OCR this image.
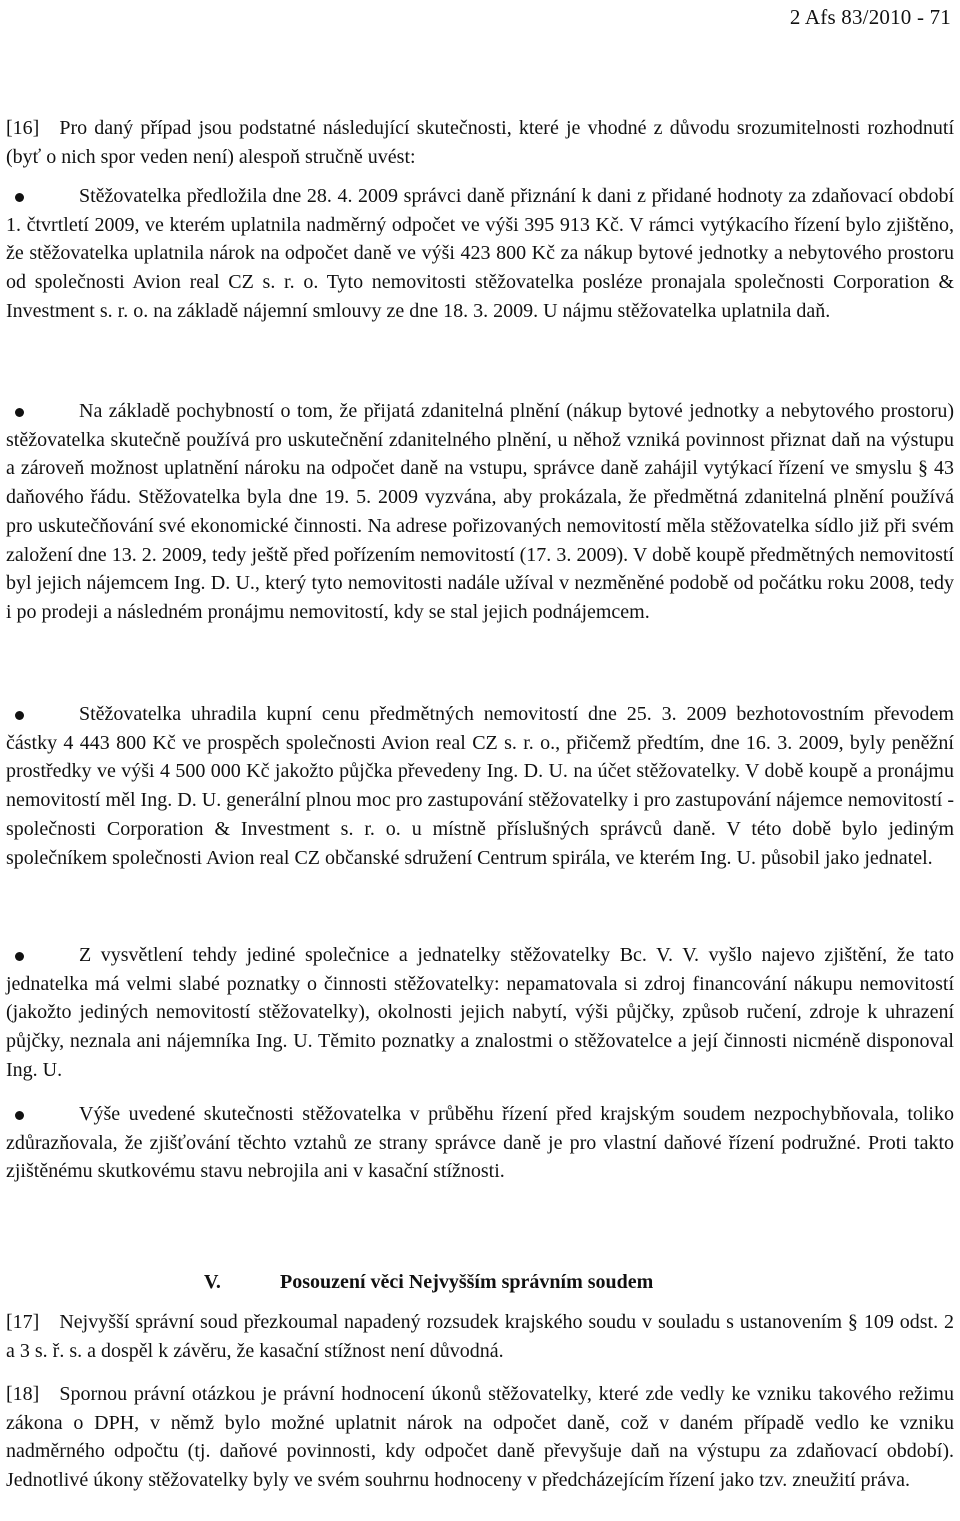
2 Afs 83/2010 - 71

[16] Pro daný případ jsou podstatné následující skutečnosti, které je vhodné z důvodu srozumitelnosti rozhodnutí (byť o nich spor veden není) alespoň stručně uvést:

Stěžovatelka předložila dne 28. 4. 2009 správci daně přiznání k dani z přidané hodnoty za zdaňovací období 1. čtvrtletí 2009, ve kterém uplatnila nadměrný odpočet ve výši 395 913 Kč. V rámci vytýkacího řízení bylo zjištěno, že stěžovatelka uplatnila nárok na odpočet daně ve výši 423 800 Kč za nákup bytové jednotky a nebytového prostoru od společnosti Avion real CZ s. r. o. Tyto nemovitosti stěžovatelka posléze pronajala společnosti Corporation & Investment s. r. o. na základě nájemní smlouvy ze dne 18. 3. 2009. U nájmu stěžovatelka uplatnila daň.

Na základě pochybností o tom, že přijatá zdanitelná plnění (nákup bytové jednotky a nebytového prostoru) stěžovatelka skutečně používá pro uskutečnění zdanitelného plnění, u něhož vzniká povinnost přiznat daň na výstupu a zároveň možnost uplatnění nároku na odpočet daně na vstupu, správce daně zahájil vytýkací řízení ve smyslu § 43 daňového řádu. Stěžovatelka byla dne 19. 5. 2009 vyzvána, aby prokázala, že předmětná zdanitelná plnění používá pro uskutečňování své ekonomické činnosti. Na adrese pořizovaných nemovitostí měla stěžovatelka sídlo již při svém založení dne 13. 2. 2009, tedy ještě před pořízením nemovitostí (17. 3. 2009). V době koupě předmětných nemovitostí byl jejich nájemcem Ing. D. U., který tyto nemovitosti nadále užíval v nezměněné podobě od počátku roku 2008, tedy i po prodeji a následném pronájmu nemovitostí, kdy se stal jejich podnájemcem.

Stěžovatelka uhradila kupní cenu předmětných nemovitostí dne 25. 3. 2009 bezhotovostním převodem částky 4 443 800 Kč ve prospěch společnosti Avion real CZ s. r. o., přičemž předtím, dne 16. 3. 2009, byly peněžní prostředky ve výši 4 500 000 Kč jakožto půjčka převedeny Ing. D. U. na účet stěžovatelky. V době koupě a pronájmu nemovitostí měl Ing. D. U. generální plnou moc pro zastupování stěžovatelky i pro zastupování nájemce nemovitostí - společnosti Corporation & Investment s. r. o. u místně příslušných správců daně. V této době bylo jediným společníkem společnosti Avion real CZ občanské sdružení Centrum spirála, ve kterém Ing. U. působil jako jednatel.

Z vysvětlení tehdy jediné společnice a jednatelky stěžovatelky Bc. V. V. vyšlo najevo zjištění, že tato jednatelka má velmi slabé poznatky o činnosti stěžovatelky: nepamatovala si zdroj financování nákupu nemovitostí (jakožto jediných nemovitostí stěžovatelky), okolnosti jejich nabytí, výši půjčky, způsob ručení, zdroje k uhrazení půjčky, neznala ani nájemníka Ing. U. Těmito poznatky a znalostmi o stěžovatelce a její činnosti nicméně disponoval Ing. U.

Výše uvedené skutečnosti stěžovatelka v průběhu řízení před krajským soudem nezpochybňovala, toliko zdůrazňovala, že zjišťování těchto vztahů ze strany správce daně je pro vlastní daňové řízení podružné. Proti takto zjištěnému skutkovému stavu nebrojila ani v kasační stížnosti.

V.	Posouzení věci Nejvyšším správním soudem

[17] Nejvyšší správní soud přezkoumal napadený rozsudek krajského soudu v souladu s ustanovením § 109 odst. 2 a 3 s. ř. s. a dospěl k závěru, že kasační stížnost není důvodná.

[18] Spornou právní otázkou je právní hodnocení úkonů stěžovatelky, které zde vedly ke vzniku takového režimu zákona o DPH, v němž bylo možné uplatnit nárok na odpočet daně, což v daném případě vedlo ke vzniku nadměrného odpočtu (tj. daňové povinnosti, kdy odpočet daně převyšuje daň na výstupu za zdaňovací období). Jednotlivé úkony stěžovatelky byly ve svém souhrnu hodnoceny v předcházejícím řízení jako tzv. zneužití práva.
